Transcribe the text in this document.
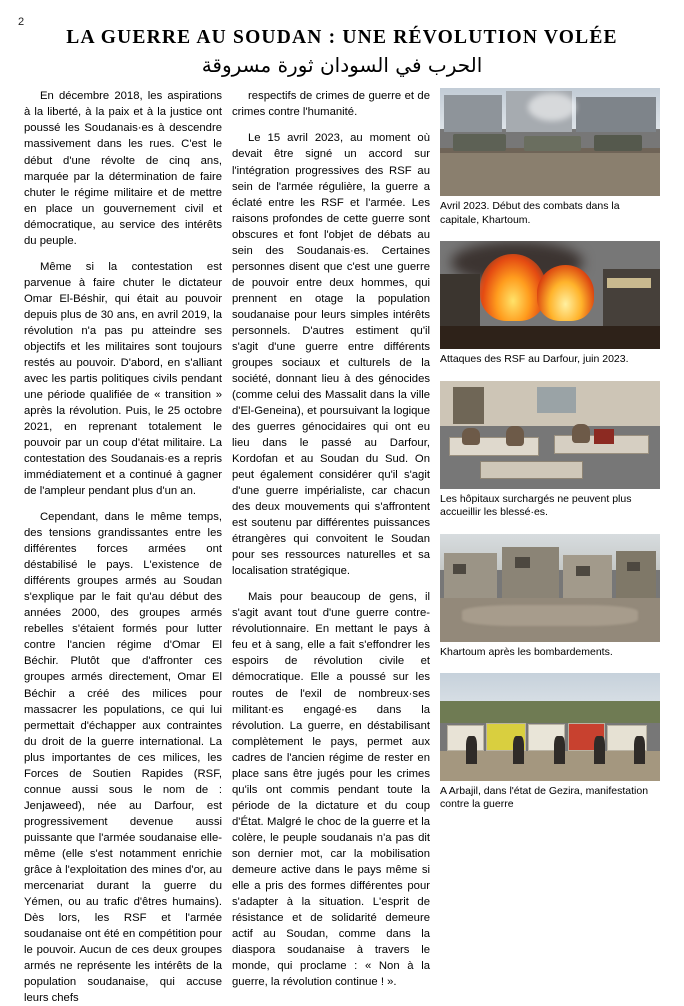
2
LA GUERRE AU SOUDAN : UNE RÉVOLUTION VOLÉE
الحرب في السودان ثورة مسروقة

En décembre 2018, les aspirations à la liberté, à la paix et à la justice ont poussé les Soudanais·es à descendre massivement dans les rues. C'est le début d'une révolte de cinq ans, marquée par la détermination de faire chuter le régime militaire et de mettre en place un gouvernement civil et démocratique, au service des intérêts du peuple.

Même si la contestation est parvenue à faire chuter le dictateur Omar El-Béshir, qui était au pouvoir depuis plus de 30 ans, en avril 2019, la révolution n'a pas pu atteindre ses objectifs et les militaires sont toujours restés au pouvoir. D'abord, en s'alliant avec les partis politiques civils pendant une période qualifiée de « transition » après la révolution. Puis, le 25 octobre 2021, en reprenant totalement le pouvoir par un coup d'état militaire. La contestation des Soudanais·es a repris immédiatement et a continué à gagner de l'ampleur pendant plus d'un an.

Cependant, dans le même temps, des tensions grandissantes entre les différentes forces armées ont déstabilisé le pays. L'existence de différents groupes armés au Soudan s'explique par le fait qu'au début des années 2000, des groupes armés rebelles s'étaient formés pour lutter contre l'ancien régime d'Omar El Béchir. Plutôt que d'affronter ces groupes armés directement, Omar El Béchir a créé des milices pour massacrer les populations, ce qui lui permettait d'échapper aux contraintes du droit de la guerre international. La plus importantes de ces milices, les Forces de Soutien Rapides (RSF, connue aussi sous le nom de : Jenjaweed), née au Darfour, est progressivement devenue aussi puissante que l'armée soudanaise elle-même (elle s'est notamment enrichie grâce à l'exploitation des mines d'or, au mercenariat durant la guerre du Yémen, ou au trafic d'êtres humains). Dès lors, les RSF et l'armée soudanaise ont été en compétition pour le pouvoir. Aucun de ces deux groupes armés ne représente les intérêts de la population soudanaise, qui accuse leurs chefs

respectifs de crimes de guerre et de crimes contre l'humanité.

Le 15 avril 2023, au moment où devait être signé un accord sur l'intégration progressives des RSF au sein de l'armée régulière, la guerre a éclaté entre les RSF et l'armée. Les raisons profondes de cette guerre sont obscures et font l'objet de débats au sein des Soudanais·es. Certaines personnes disent que c'est une guerre de pouvoir entre deux hommes, qui prennent en otage la population soudanaise pour leurs simples intérêts personnels. D'autres estiment qu'il s'agit d'une guerre entre différents groupes sociaux et culturels de la société, donnant lieu à des génocides (comme celui des Massalit dans la ville d'El-Geneina), et poursuivant la logique des guerres génocidaires qui ont eu lieu dans le passé au Darfour, Kordofan et au Soudan du Sud. On peut également considérer qu'il s'agit d'une guerre impérialiste, car chacun des deux mouvements qui s'affrontent est soutenu par différentes puissances étrangères qui convoitent le Soudan pour ses ressources naturelles et sa localisation stratégique.

Mais pour beaucoup de gens, il s'agit avant tout d'une guerre contre-révolutionnaire. En mettant le pays à feu et à sang, elle a fait s'effondrer les espoirs de révolution civile et démocratique. Elle a poussé sur les routes de l'exil de nombreux·ses militant·es engagé·es dans la révolution. La guerre, en déstabilisant complètement le pays, permet aux cadres de l'ancien régime de rester en place sans être jugés pour les crimes qu'ils ont commis pendant toute la période de la dictature et du coup d'État. Malgré le choc de la guerre et la colère, le peuple soudanais n'a pas dit son dernier mot, car la mobilisation demeure active dans le pays même si elle a pris des formes différentes pour s'adapter à la situation. L'esprit de résistance et de solidarité demeure actif au Soudan, comme dans la diaspora soudanaise à travers le monde, qui proclame : « Non à la guerre, la révolution continue ! ».

Avril 2023. Début des combats dans la capitale, Khartoum.
Attaques des RSF au Darfour, juin 2023.
Les hôpitaux surchargés ne peuvent plus accueillir les blessé·es.
Khartoum après les bombardements.
A Arbajil, dans l'état de Gezira, manifestation contre la guerre
